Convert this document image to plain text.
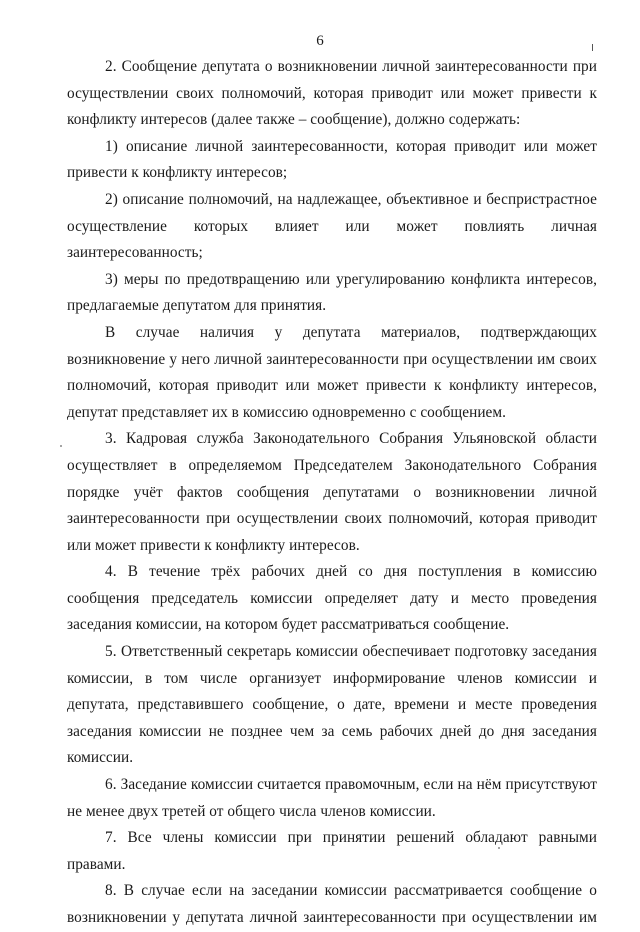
6

2. Сообщение депутата о возникновении личной заинтересованности при осуществлении своих полномочий, которая приводит или может привести к конфликту интересов (далее также – сообщение), должно содержать:

1) описание личной заинтересованности, которая приводит или может привести к конфликту интересов;

2) описание полномочий, на надлежащее, объективное и беспристрастное осуществление которых влияет или может повлиять личная заинтересованность;

3) меры по предотвращению или урегулированию конфликта интересов, предлагаемые депутатом для принятия.

В случае наличия у депутата материалов, подтверждающих возникновение у него личной заинтересованности при осуществлении им своих полномочий, которая приводит или может привести к конфликту интересов, депутат представляет их в комиссию одновременно с сообщением.

3. Кадровая служба Законодательного Собрания Ульяновской области осуществляет в определяемом Председателем Законодательного Собрания порядке учёт фактов сообщения депутатами о возникновении личной заинтересованности при осуществлении своих полномочий, которая приводит или может привести к конфликту интересов.

4. В течение трёх рабочих дней со дня поступления в комиссию сообщения председатель комиссии определяет дату и место проведения заседания комиссии, на котором будет рассматриваться сообщение.

5. Ответственный секретарь комиссии обеспечивает подготовку заседания комиссии, в том числе организует информирование членов комиссии и депутата, представившего сообщение, о дате, времени и месте проведения заседания комиссии не позднее чем за семь рабочих дней до дня заседания комиссии.

6. Заседание комиссии считается правомочным, если на нём присутствуют не менее двух третей от общего числа членов комиссии.

7. Все члены комиссии при принятии решений обладают равными правами.

8. В случае если на заседании комиссии рассматривается сообщение о возникновении у депутата личной заинтересованности при осуществлении им
